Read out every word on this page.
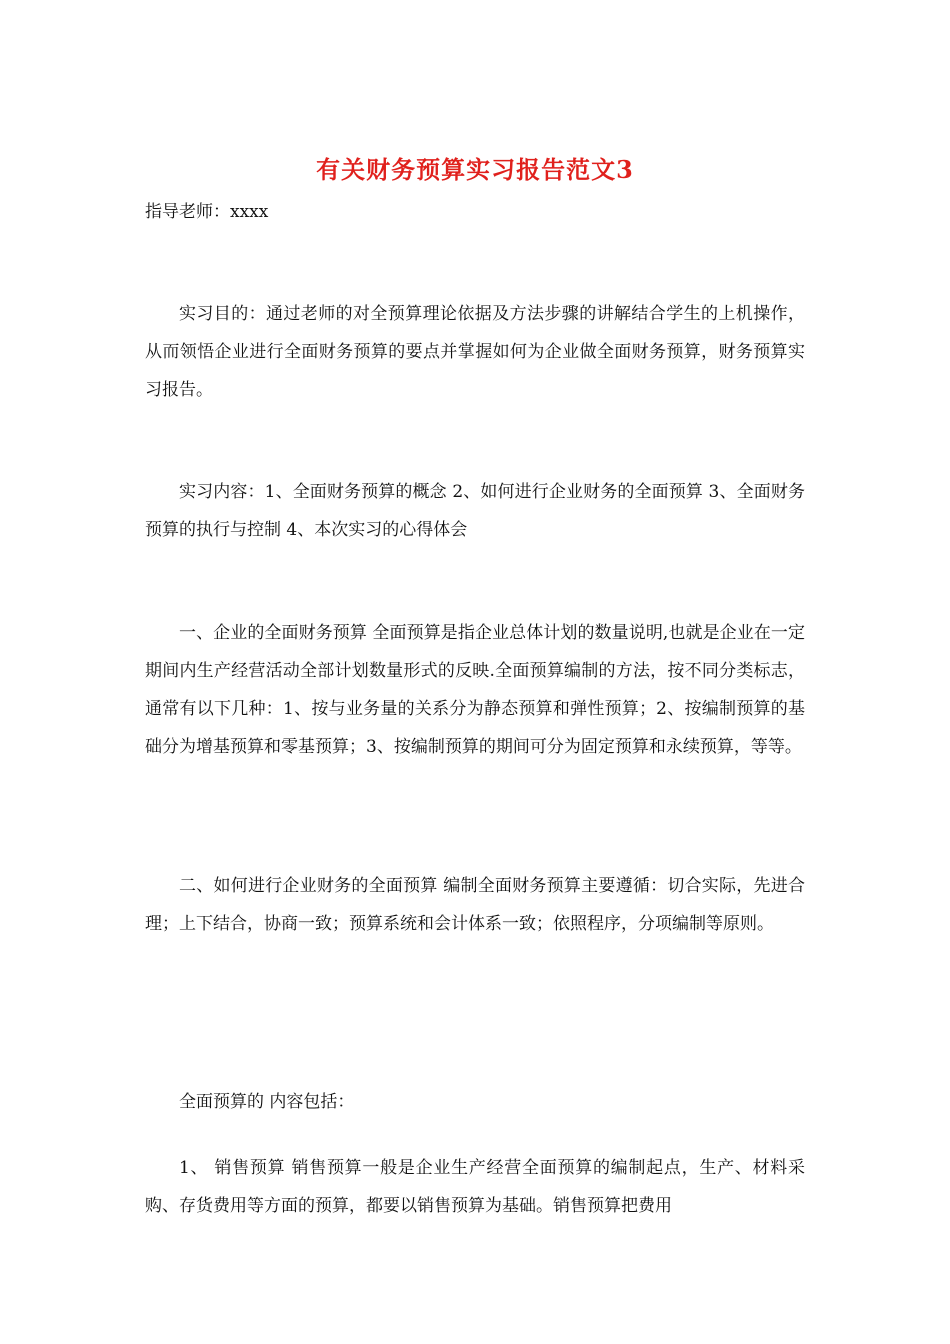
有关财务预算实习报告范文3
指导老师：xxxx

实习目的：通过老师的对全预算理论依据及方法步骤的讲解结合学生的上机操作，从而领悟企业进行全面财务预算的要点并掌握如何为企业做全面财务预算，财务预算实习报告。

实习内容：1、全面财务预算的概念 2、如何进行企业财务的全面预算 3、全面财务预算的执行与控制 4、本次实习的心得体会

一、企业的全面财务预算 全面预算是指企业总体计划的数量说明,也就是企业在一定期间内生产经营活动全部计划数量形式的反映.全面预算编制的方法，按不同分类标志，通常有以下几种：1、按与业务量的关系分为静态预算和弹性预算；2、按编制预算的基础分为增基预算和零基预算；3、按编制预算的期间可分为固定预算和永续预算，等等。

二、如何进行企业财务的全面预算 编制全面财务预算主要遵循：切合实际，先进合理；上下结合，协商一致；预算系统和会计体系一致；依照程序，分项编制等原则。

全面预算的 内容包括：

1、 销售预算 销售预算一般是企业生产经营全面预算的编制起点，生产、材料采购、存货费用等方面的预算，都要以销售预算为基础。销售预算把费用
